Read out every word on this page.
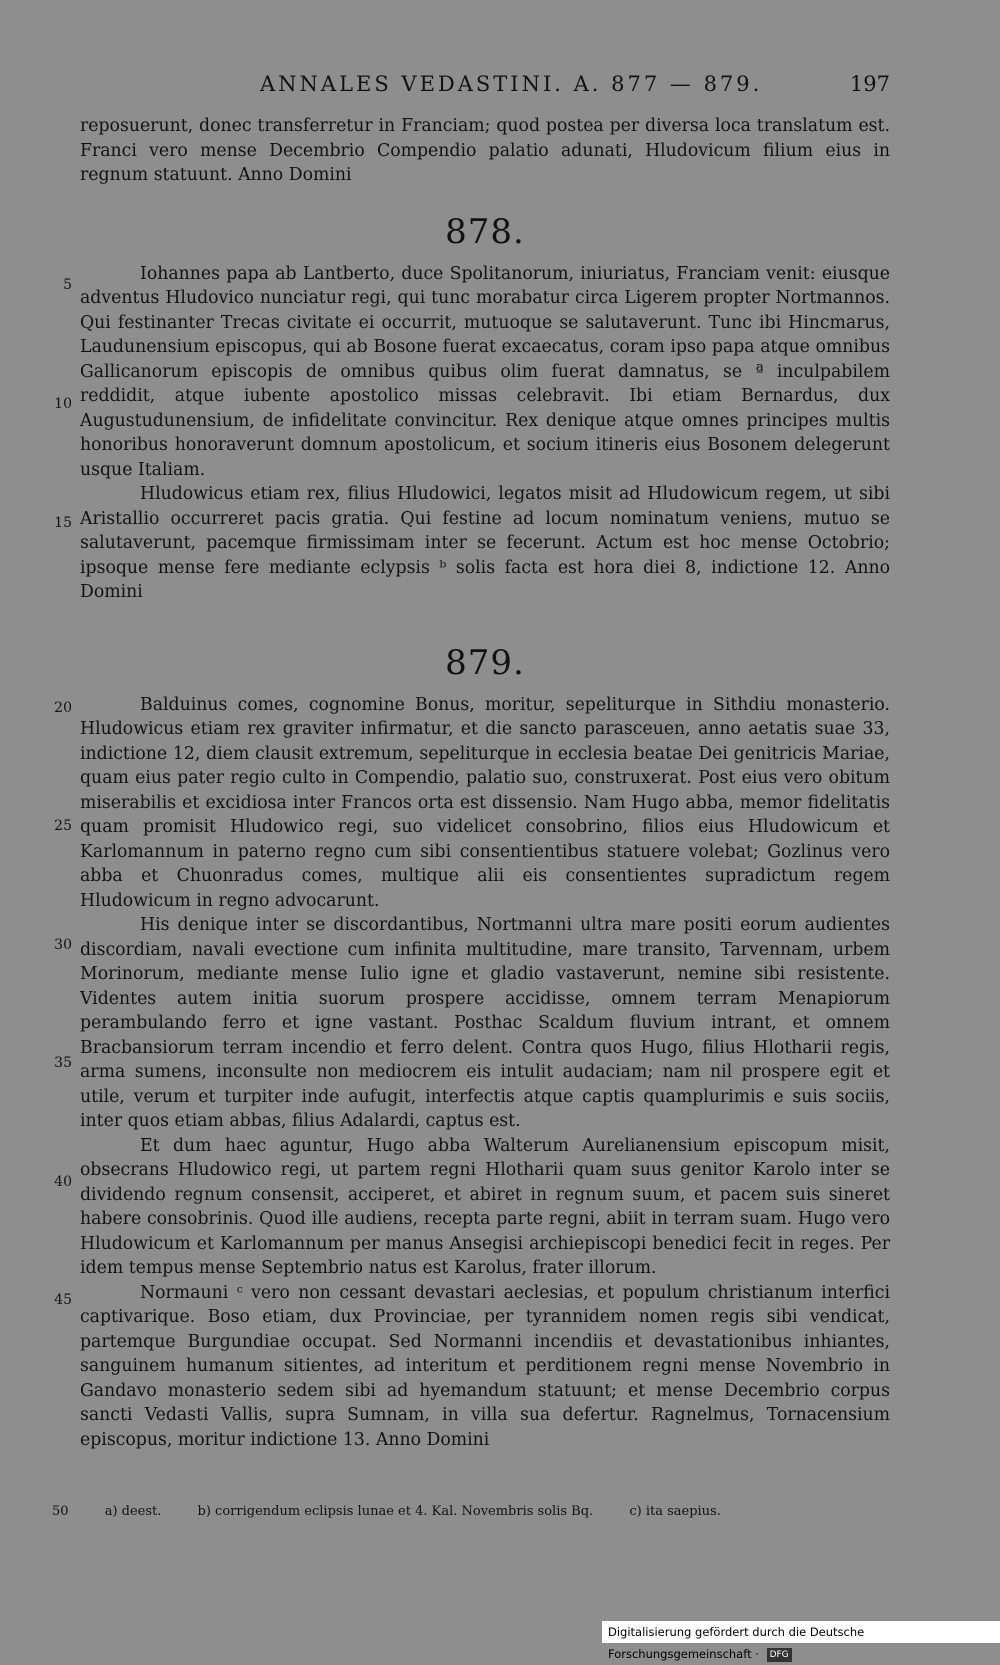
ANNALES VEDASTINI. A. 877 — 879.	197
5
10
15
20
25
30
35
40
45

reposuerunt, donec transferretur in Franciam; quod postea per diversa loca translatum est. Franci vero mense Decembrio Compendio palatio adunati, Hludovicum filium eius in regnum statuunt. Anno Domini

878.

Iohannes papa ab Lantberto, duce Spolitanorum, iniuriatus, Franciam venit: eiusque adventus Hludovico nunciatur regi, qui tunc morabatur circa Ligerem propter Nortmannos. Qui festinanter Trecas civitate ei occurrit, mutuoque se salutaverunt. Tunc ibi Hincmarus, Laudunensium episcopus, qui ab Bosone fuerat excaecatus, coram ipso papa atque omnibus Gallicanorum episcopis de omnibus quibus olim fuerat damnatus, se ª inculpabilem reddidit, atque iubente apostolico missas celebravit. Ibi etiam Bernardus, dux Augustudunensium, de infidelitate convincitur. Rex denique atque omnes principes multis honoribus honoraverunt domnum apostolicum, et socium itineris eius Bosonem delegerunt usque Italiam.

Hludowicus etiam rex, filius Hludowici, legatos misit ad Hludowicum regem, ut sibi Aristallio occurreret pacis gratia. Qui festine ad locum nominatum veniens, mutuo se salutaverunt, pacemque firmissimam inter se fecerunt. Actum est hoc mense Octobrio; ipsoque mense fere mediante eclypsis ᵇ solis facta est hora diei 8, indictione 12. Anno Domini

879.

Balduinus comes, cognomine Bonus, moritur, sepeliturque in Sithdiu monasterio. Hludowicus etiam rex graviter infirmatur, et die sancto parasceuen, anno aetatis suae 33, indictione 12, diem clausit extremum, sepeliturque in ecclesia beatae Dei genitricis Mariae, quam eius pater regio culto in Compendio, palatio suo, construxerat. Post eius vero obitum miserabilis et excidiosa inter Francos orta est dissensio. Nam Hugo abba, memor fidelitatis quam promisit Hludowico regi, suo videlicet consobrino, filios eius Hludowicum et Karlomannum in paterno regno cum sibi consentientibus statuere volebat; Gozlinus vero abba et Chuonradus comes, multique alii eis consentientes supradictum regem Hludowicum in regno advocarunt.

His denique inter se discordantibus, Nortmanni ultra mare positi eorum audientes discordiam, navali evectione cum infinita multitudine, mare transito, Tarvennam, urbem Morinorum, mediante mense Iulio igne et gladio vastaverunt, nemine sibi resistente. Videntes autem initia suorum prospere accidisse, omnem terram Menapiorum perambulando ferro et igne vastant. Posthac Scaldum fluvium intrant, et omnem Bracbansiorum terram incendio et ferro delent. Contra quos Hugo, filius Hlotharii regis, arma sumens, inconsulte non mediocrem eis intulit audaciam; nam nil prospere egit et utile, verum et turpiter inde aufugit, interfectis atque captis quamplurimis e suis sociis, inter quos etiam abbas, filius Adalardi, captus est.

Et dum haec aguntur, Hugo abba Walterum Aurelianensium episcopum misit, obsecrans Hludowico regi, ut partem regni Hlotharii quam suus genitor Karolo inter se dividendo regnum consensit, acciperet, et abiret in regnum suum, et pacem suis sineret habere consobrinis. Quod ille audiens, recepta parte regni, abiit in terram suam. Hugo vero Hludowicum et Karlomannum per manus Ansegisi archiepiscopi benedici fecit in reges. Per idem tempus mense Septembrio natus est Karolus, frater illorum.

Normauni ᶜ vero non cessant devastari aeclesias, et populum christianum interfici captivarique. Boso etiam, dux Provinciae, per tyrannidem nomen regis sibi vendicat, partemque Burgundiae occupat. Sed Normanni incendiis et devastationibus inhiantes, sanguinem humanum sitientes, ad interitum et perditionem regni mense Novembrio in Gandavo monasterio sedem sibi ad hyemandum statuunt; et mense Decembrio corpus sancti Vedasti Vallis, supra Sumnam, in villa sua defertur. Ragnelmus, Tornacensium episcopus, moritur indictione 13. Anno Domini

50	a) deest.	b) corrigendum eclipsis lunae et 4. Kal. Novembris solis Bq.	c) ita saepius.
Digitalisierung gefördert durch die Deutsche Forschungsgemeinschaft · DFG
